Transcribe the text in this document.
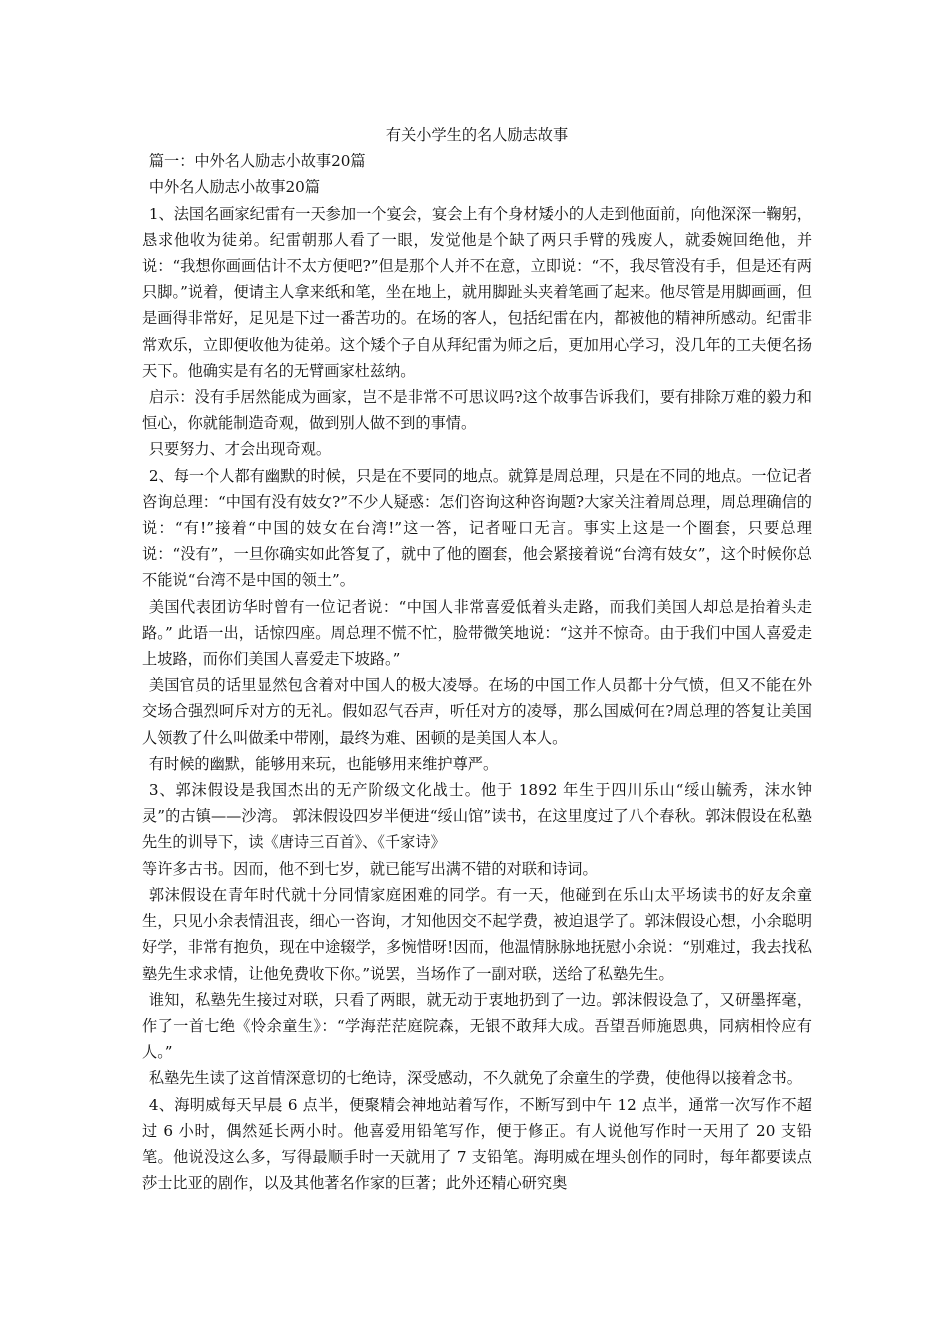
有关小学生的名人励志故事

篇一：中外名人励志小故事20篇

中外名人励志小故事20篇

1、法国名画家纪雷有一天参加一个宴会，宴会上有个身材矮小的人走到他面前，向他深深一鞠躬，恳求他收为徒弟。纪雷朝那人看了一眼，发觉他是个缺了两只手臂的残废人，就委婉回绝他，并说：“我想你画画估计不太方便吧?”但是那个人并不在意，立即说：“不，我尽管没有手，但是还有两只脚。”说着，便请主人拿来纸和笔，坐在地上，就用脚趾头夹着笔画了起来。他尽管是用脚画画，但是画得非常好，足见是下过一番苦功的。在场的客人，包括纪雷在内，都被他的精神所感动。纪雷非常欢乐，立即便收他为徒弟。这个矮个子自从拜纪雷为师之后，更加用心学习，没几年的工夫便名扬天下。他确实是有名的无臂画家杜兹纳。

启示：没有手居然能成为画家，岂不是非常不可思议吗?这个故事告诉我们，要有排除万难的毅力和恒心，你就能制造奇观，做到别人做不到的事情。

只要努力、才会出现奇观。

2、每一个人都有幽默的时候，只是在不要同的地点。就算是周总理，只是在不同的地点。一位记者咨询总理：“中国有没有妓女?”不少人疑惑：怎们咨询这种咨询题?大家关注着周总理，周总理确信的说：“有!”接着“中国的妓女在台湾!”这一答，记者哑口无言。事实上这是一个圈套，只要总理说：“没有”，一旦你确实如此答复了，就中了他的圈套，他会紧接着说“台湾有妓女”，这个时候你总不能说“台湾不是中国的领土”。

美国代表团访华时曾有一位记者说：“中国人非常喜爱低着头走路，而我们美国人却总是抬着头走路。” 此语一出，话惊四座。周总理不慌不忙，脸带微笑地说：“这并不惊奇。由于我们中国人喜爱走上坡路，而你们美国人喜爱走下坡路。”

美国官员的话里显然包含着对中国人的极大凌辱。在场的中国工作人员都十分气愤，但又不能在外交场合强烈呵斥对方的无礼。假如忍气吞声，听任对方的凌辱，那么国威何在?周总理的答复让美国人领教了什么叫做柔中带刚，最终为难、困顿的是美国人本人。

有时候的幽默，能够用来玩，也能够用来维护尊严。

3、郭沫假设是我国杰出的无产阶级文化战士。他于 1892 年生于四川乐山“绥山毓秀，沫水钟灵”的古镇——沙湾。 郭沫假设四岁半便进“绥山馆”读书，在这里度过了八个春秋。郭沫假设在私塾先生的训导下，读《唐诗三百首》、《千家诗》

等许多古书。因而，他不到七岁，就已能写出满不错的对联和诗词。

郭沫假设在青年时代就十分同情家庭困难的同学。有一天，他碰到在乐山太平场读书的好友余童生，只见小余表情沮丧，细心一咨询，才知他因交不起学费，被迫退学了。郭沫假设心想，小余聪明好学，非常有抱负，现在中途辍学，多惋惜呀!因而，他温情脉脉地抚慰小余说：“别难过，我去找私塾先生求求情，让他免费收下你。”说罢，当场作了一副对联，送给了私塾先生。

谁知，私塾先生接过对联，只看了两眼，就无动于衷地扔到了一边。郭沫假设急了，又研墨挥毫，作了一首七绝《怜余童生》：“学海茫茫庭院森，无银不敢拜大成。吾望吾师施恩典，同病相怜应有人。”

私塾先生读了这首情深意切的七绝诗，深受感动，不久就免了余童生的学费，使他得以接着念书。

4、海明威每天早晨 6 点半，便聚精会神地站着写作，不断写到中午 12 点半，通常一次写作不超过 6 小时，偶然延长两小时。他喜爱用铅笔写作，便于修正。有人说他写作时一天用了 20 支铅笔。他说没这么多，写得最顺手时一天就用了 7 支铅笔。海明威在埋头创作的同时，每年都要读点莎士比亚的剧作，以及其他著名作家的巨著；此外还精心研究奥
